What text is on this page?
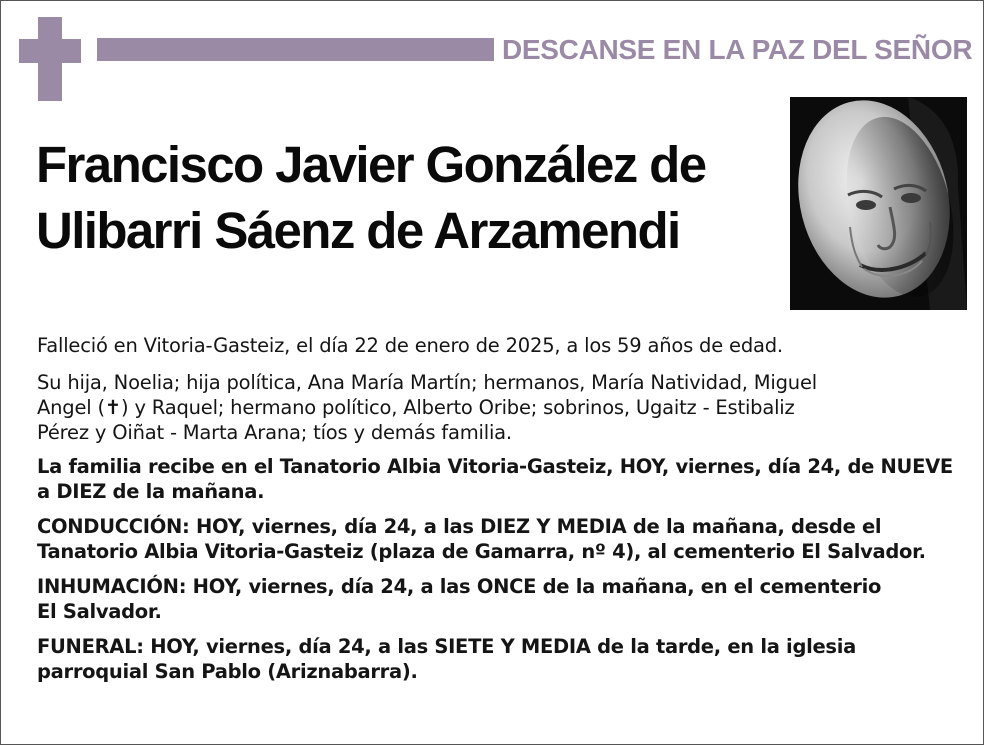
DESCANSE EN LA PAZ DEL SEÑOR
Francisco Javier González de
Ulibarri Sáenz de Arzamendi

Falleció en Vitoria-Gasteiz, el día 22 de enero de 2025, a los 59 años de edad.

Su hija, Noelia; hija política, Ana María Martín; hermanos, María Natividad, Miguel
Angel (✝) y Raquel; hermano político, Alberto Oribe; sobrinos, Ugaitz - Estibaliz
Pérez y Oiñat - Marta Arana; tíos y demás familia.

La familia recibe en el Tanatorio Albia Vitoria-Gasteiz, HOY, viernes, día 24, de NUEVE
a DIEZ de la mañana.

CONDUCCIÓN: HOY, viernes, día 24, a las DIEZ Y MEDIA de la mañana, desde el
Tanatorio Albia Vitoria-Gasteiz (plaza de Gamarra, nº 4), al cementerio El Salvador.

INHUMACIÓN: HOY, viernes, día 24, a las ONCE de la mañana, en el cementerio
El Salvador.

FUNERAL: HOY, viernes, día 24, a las SIETE Y MEDIA de la tarde, en la iglesia
parroquial San Pablo (Ariznabarra).
